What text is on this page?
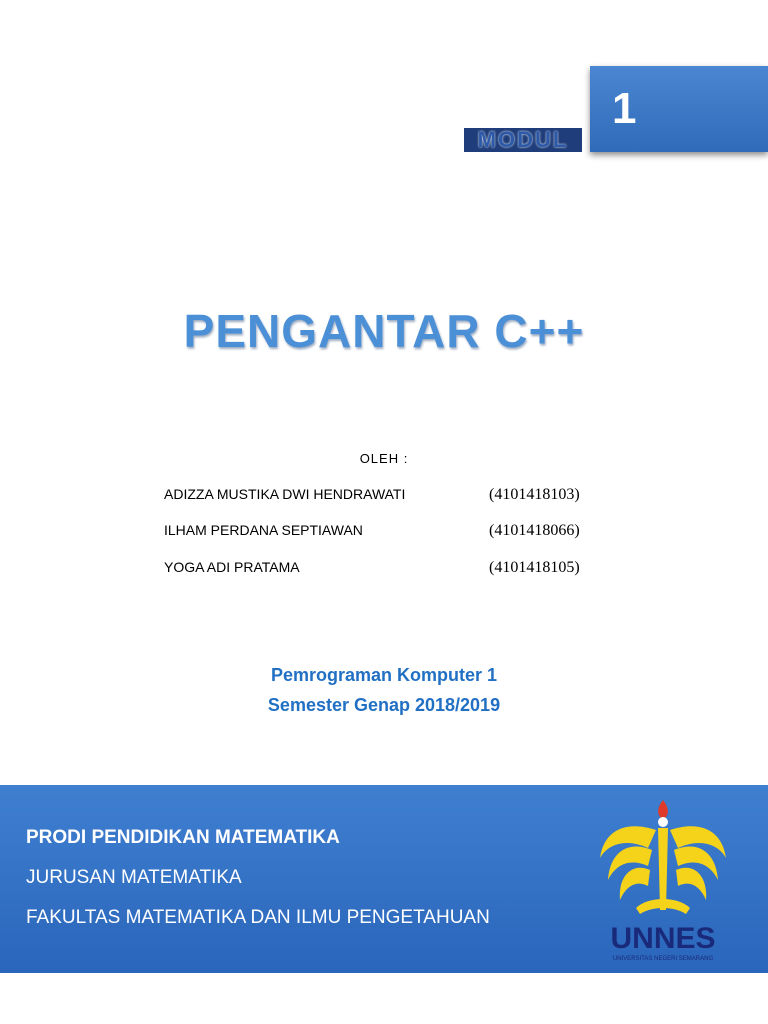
MODUL
1
PENGANTAR C++
OLEH :
ADIZZA MUSTIKA DWI HENDRAWATI	(4101418103)
ILHAM PERDANA SEPTIAWAN	(4101418066)
YOGA ADI PRATAMA	(4101418105)
Pemrograman Komputer 1
Semester Genap 2018/2019
PRODI PENDIDIKAN MATEMATIKA
JURUSAN MATEMATIKA
FAKULTAS MATEMATIKA DAN ILMU PENGETAHUAN
UNNES
UNIVERSITAS NEGERI SEMARANG
